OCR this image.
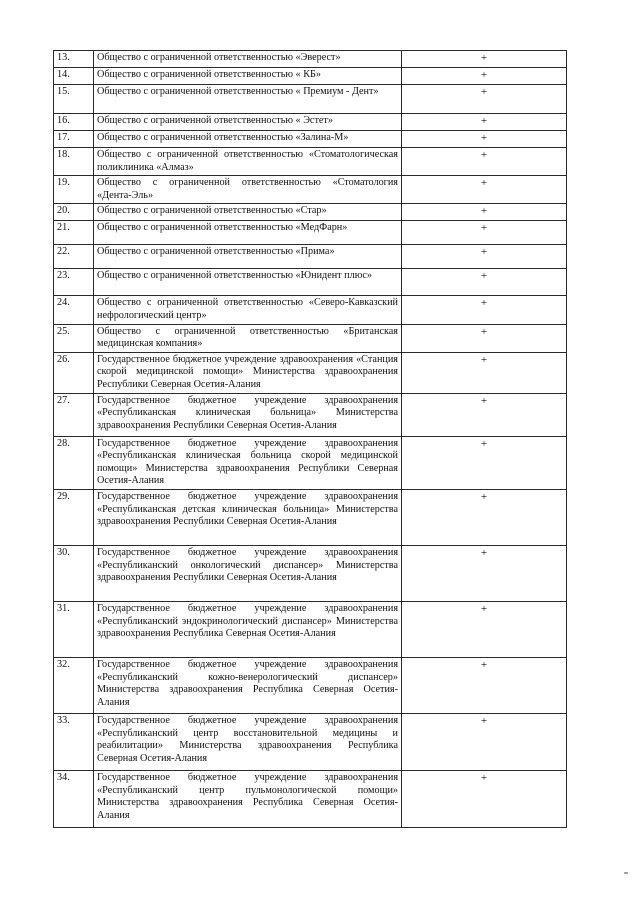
13.	Общество с ограниченной ответственностью «Эверест»	+
14.	Общество с ограниченной ответственностью « КБ»	+
15.	Общество с ограниченной ответственностью « Премиум - Дент»	+
16.	Общество с ограниченной ответственностью « Эстет»	+
17.	Общество с ограниченной ответственностью «Залина-М»	+
18.	Общество с ограниченной ответственностью «Стоматологическая поликлиника «Алмаз»	+
19.	Общество с ограниченной ответственностью «Стоматология «Дента-Эль»	+
20.	Общество с ограниченной ответственностью «Стар»	+
21.	Общество с ограниченной ответственностью «МедФарн»	+
22.	Общество с ограниченной ответственностью «Прима»	+
23.	Общество с ограниченной ответственностью «Юнидент плюс»	+
24.	Общество с ограниченной ответственностью «Северо-Кавказский нефрологический центр»	+
25.	Общество с ограниченной ответственностью «Британская медицинская компания»	+
26.	Государственное бюджетное учреждение здравоохранения «Станция скорой медицинской помощи» Министерства здравоохранения Республики Северная Осетия-Алания	+
27.	Государственное бюджетное учреждение здравоохранения «Республиканская клиническая больница» Министерства здравоохранения Республики Северная Осетия-Алания	+
28.	Государственное бюджетное учреждение здравоохранения «Республиканская клиническая больница скорой медицинской помощи» Министерства здравоохранения Республики Северная Осетия-Алания	+
29.	Государственное бюджетное учреждение здравоохранения «Республиканская детская клиническая больница» Министерства здравоохранения Республики Северная Осетия-Алания	+
30.	Государственное бюджетное учреждение здравоохранения «Республиканский онкологический диспансер» Министерства здравоохранения Республики Северная Осетия-Алания	+
31.	Государственное бюджетное учреждение здравоохранения «Республиканский эндокринологический диспансер» Министерства здравоохранения Республика Северная Осетия-Алания	+
32.	Государственное бюджетное учреждение здравоохранения «Республиканский кожно-венерологический диспансер» Министерства здравоохранения Республика Северная Осетия-Алания	+
33.	Государственное бюджетное учреждение здравоохранения «Республиканский центр восстановительной медицины и реабилитации» Министерства здравоохранения Республика Северная Осетия-Алания	+
34.	Государственное бюджетное учреждение здравоохранения «Республиканский центр пульмонологической помощи» Министерства здравоохранения Республика Северная Осетия-Алания	+
